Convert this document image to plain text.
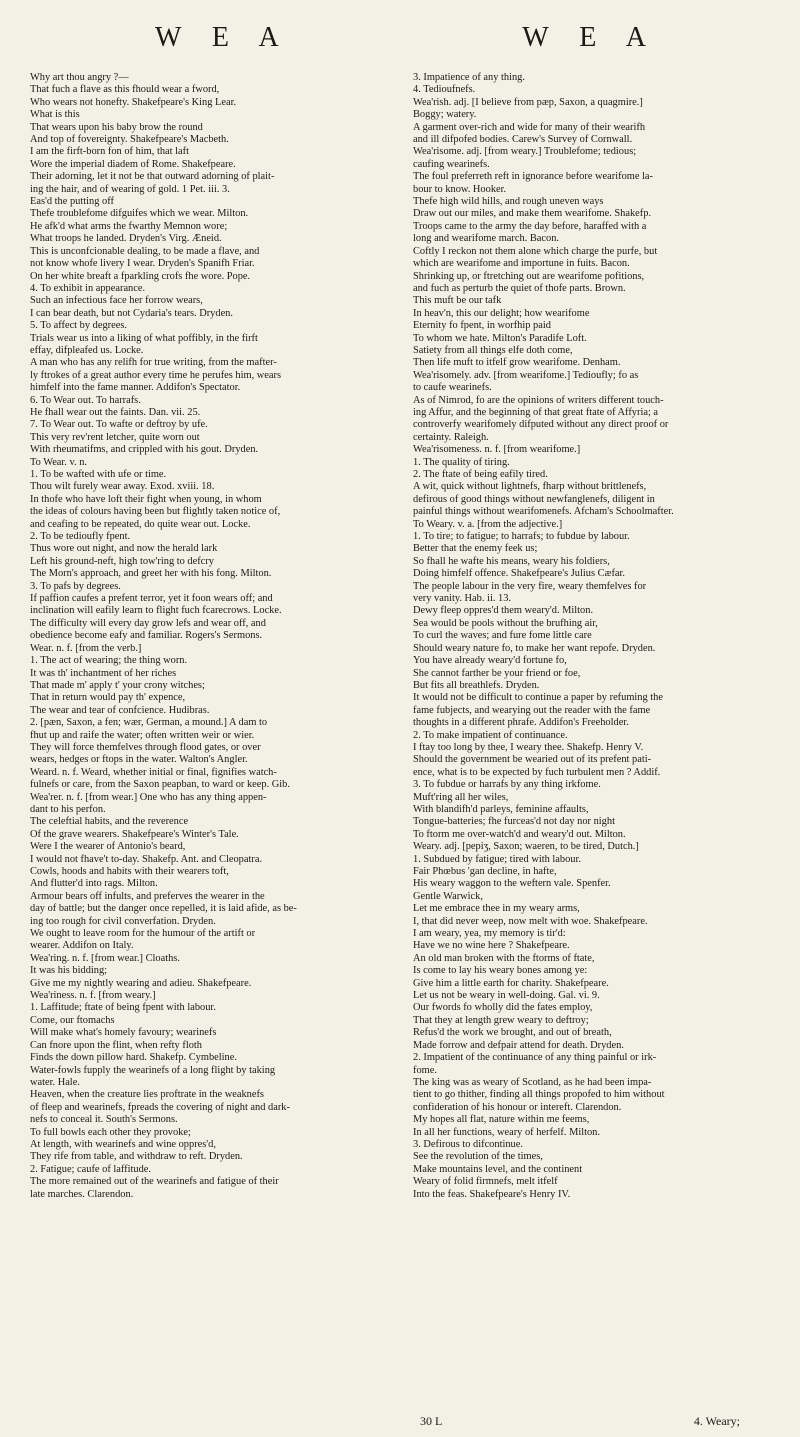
W E A	W E A

Why art thou angry ?—

That fuch a flave as this fhould wear a fword,

Who wears not honefty. Shakefpeare's King Lear.

What is this

That wears upon his baby brow the round

And top of fovereignty. Shakefpeare's Macbeth.

I am the firft-born fon of him, that laft

Wore the imperial diadem of Rome. Shakefpeare.

Their adorning, let it not be that outward adorning of plait-

ing the hair, and of wearing of gold. 1 Pet. iii. 3.

Eas'd the putting off

Thefe troublefome difguifes which we wear. Milton.

He afk'd what arms the fwarthy Memnon wore;

What troops he landed. Dryden's Virg. Æneid.

This is unconfcionable dealing, to be made a flave, and

not know whofe livery I wear. Dryden's Spanifh Friar.

On her white breaft a fparkling crofs fhe wore. Pope.

4. To exhibit in appearance.

Such an infectious face her forrow wears,

I can bear death, but not Cydaria's tears. Dryden.

5. To affect by degrees.

Trials wear us into a liking of what poffibly, in the firft

effay, difpleafed us. Locke.

A man who has any relifh for true writing, from the mafter-

ly ftrokes of a great author every time he perufes him, wears

himfelf into the fame manner. Addifon's Spectator.

6. To Wear out. To harrafs.

He fhall wear out the faints. Dan. vii. 25.

7. To Wear out. To wafte or deftroy by ufe.

This very rev'rent letcher, quite worn out

With rheumatifms, and crippled with his gout. Dryden.

To Wear. v. n.

1. To be wafted with ufe or time.

Thou wilt furely wear away. Exod. xviii. 18.

In thofe who have loft their fight when young, in whom

the ideas of colours having been but flightly taken notice of,

and ceafing to be repeated, do quite wear out. Locke.

2. To be tedioufly fpent.

Thus wore out night, and now the herald lark

Left his ground-neft, high tow'ring to defcry

The Morn's approach, and greet her with his fong. Milton.

3. To pafs by degrees.

If paffion caufes a prefent terror, yet it foon wears off; and

inclination will eafily learn to flight fuch fcarecrows. Locke.

The difficulty will every day grow lefs and wear off, and

obedience become eafy and familiar. Rogers's Sermons.

Wear. n. f. [from the verb.]

1. The act of wearing; the thing worn.

It was th' inchantment of her riches

That made m' apply t' your crony witches;

That in return would pay th' expence,

The wear and tear of confcience. Hudibras.

2. [pæn, Saxon, a fen; wær, German, a mound.] A dam to

fhut up and raife the water; often written weir or wier.

They will force themfelves through flood gates, or over

wears, hedges or ftops in the water. Walton's Angler.

Weard. n. f. Weard, whether initial or final, fignifies watch-

fulnefs or care, from the Saxon peapban, to ward or keep. Gib.

Wea'rer. n. f. [from wear.] One who has any thing appen-

dant to his perfon.

The celeftial habits, and the reverence

Of the grave wearers. Shakefpeare's Winter's Tale.

Were I the wearer of Antonio's beard,

I would not fhave't to-day. Shakefp. Ant. and Cleopatra.

Cowls, hoods and habits with their wearers toft,

And flutter'd into rags. Milton.

Armour bears off infults, and preferves the wearer in the

day of battle; but the danger once repelled, it is laid afide, as be-

ing too rough for civil converfation. Dryden.

We ought to leave room for the humour of the artift or

wearer. Addifon on Italy.

Wea'ring. n. f. [from wear.] Cloaths.

It was his bidding;

Give me my nightly wearing and adieu. Shakefpeare.

Wea'riness. n. f. [from weary.]

1. Laffitude; ftate of being fpent with labour.

Come, our ftomachs

Will make what's homely favoury; wearinefs

Can fnore upon the flint, when refty floth

Finds the down pillow hard. Shakefp. Cymbeline.

Water-fowls fupply the wearinefs of a long flight by taking

water. Hale.

Heaven, when the creature lies proftrate in the weaknefs

of fleep and wearinefs, fpreads the covering of night and dark-

nefs to conceal it. South's Sermons.

To full bowls each other they provoke;

At length, with wearinefs and wine oppres'd,

They rife from table, and withdraw to reft. Dryden.

2. Fatigue; caufe of laffitude.

The more remained out of the wearinefs and fatigue of their

late marches. Clarendon.

3. Impatience of any thing.

4. Tedioufnefs.

Wea'rish. adj. [I believe from pæp, Saxon, a quagmire.]

Boggy; watery.

A garment over-rich and wide for many of their wearifh

and ill difpofed bodies. Carew's Survey of Cornwall.

Wea'risome. adj. [from weary.] Troublefome; tedious;

caufing wearinefs.

The foul preferreth reft in ignorance before wearifome la-

bour to know. Hooker.

Thefe high wild hills, and rough uneven ways

Draw out our miles, and make them wearifome. Shakefp.

Troops came to the army the day before, haraffed with a

long and wearifome march. Bacon.

Coftly I reckon not them alone which charge the purfe, but

which are wearifome and importune in fuits. Bacon.

Shrinking up, or ftretching out are wearifome pofitions,

and fuch as perturb the quiet of thofe parts. Brown.

This muft be our tafk

In heav'n, this our delight; how wearifome

Eternity fo fpent, in worfhip paid

To whom we hate. Milton's Paradife Loft.

Satiety from all things elfe doth come,

Then life muft to itfelf grow wearifome. Denham.

Wea'risomely. adv. [from wearifome.] Tedioufly; fo as

to caufe wearinefs.

As of Nimrod, fo are the opinions of writers different touch-

ing Affur, and the beginning of that great ftate of Affyria; a

controverfy wearifomely difputed without any direct proof or

certainty. Raleigh.

Wea'risomeness. n. f. [from wearifome.]

1. The quality of tiring.

2. The ftate of being eafily tired.

A wit, quick without lightnefs, fharp without brittlenefs,

defirous of good things without newfanglenefs, diligent in

painful things without wearifomenefs. Afcham's Schoolmafter.

To Weary. v. a. [from the adjective.]

1. To tire; to fatigue; to harrafs; to fubdue by labour.

Better that the enemy feek us;

So fhall he wafte his means, weary his foldiers,

Doing himfelf offence. Shakefpeare's Julius Cæfar.

The people labour in the very fire, weary themfelves for

very vanity. Hab. ii. 13.

Dewy fleep oppres'd them weary'd. Milton.

Sea would be pools without the brufhing air,

To curl the waves; and fure fome little care

Should weary nature fo, to make her want repofe. Dryden.

You have already weary'd fortune fo,

She cannot farther be your friend or foe,

But fits all breathlefs. Dryden.

It would not be difficult to continue a paper by refuming the

fame fubjects, and wearying out the reader with the fame

thoughts in a different phrafe. Addifon's Freeholder.

2. To make impatient of continuance.

I ftay too long by thee, I weary thee. Shakefp. Henry V.

Should the government be wearied out of its prefent pati-

ence, what is to be expected by fuch turbulent men ? Addif.

3. To fubdue or harrafs by any thing irkfome.

Muft'ring all her wiles,

With blandifh'd parleys, feminine affaults,

Tongue-batteries; fhe furceas'd not day nor night

To ftorm me over-watch'd and weary'd out. Milton.

Weary. adj. [pepiʒ, Saxon; waeren, to be tired, Dutch.]

1. Subdued by fatigue; tired with labour.

Fair Phœbus 'gan decline, in hafte,

His weary waggon to the weftern vale. Spenfer.

Gentle Warwick,

Let me embrace thee in my weary arms,

I, that did never weep, now melt with woe. Shakefpeare.

I am weary, yea, my memory is tir'd:

Have we no wine here ? Shakefpeare.

An old man broken with the ftorms of ftate,

Is come to lay his weary bones among ye:

Give him a little earth for charity. Shakefpeare.

Let us not be weary in well-doing. Gal. vi. 9.

Our fwords fo wholly did the fates employ,

That they at length grew weary to deftroy;

Refus'd the work we brought, and out of breath,

Made forrow and defpair attend for death. Dryden.

2. Impatient of the continuance of any thing painful or irk-

fome.

The king was as weary of Scotland, as he had been impa-

tient to go thither, finding all things propofed to him without

confideration of his honour or intereft. Clarendon.

My hopes all flat, nature within me feems,

In all her functions, weary of herfelf. Milton.

3. Defirous to difcontinue.

See the revolution of the times,

Make mountains level, and the continent

Weary of folid firmnefs, melt itfelf

Into the feas. Shakefpeare's Henry IV.

30 L	4. Weary;
